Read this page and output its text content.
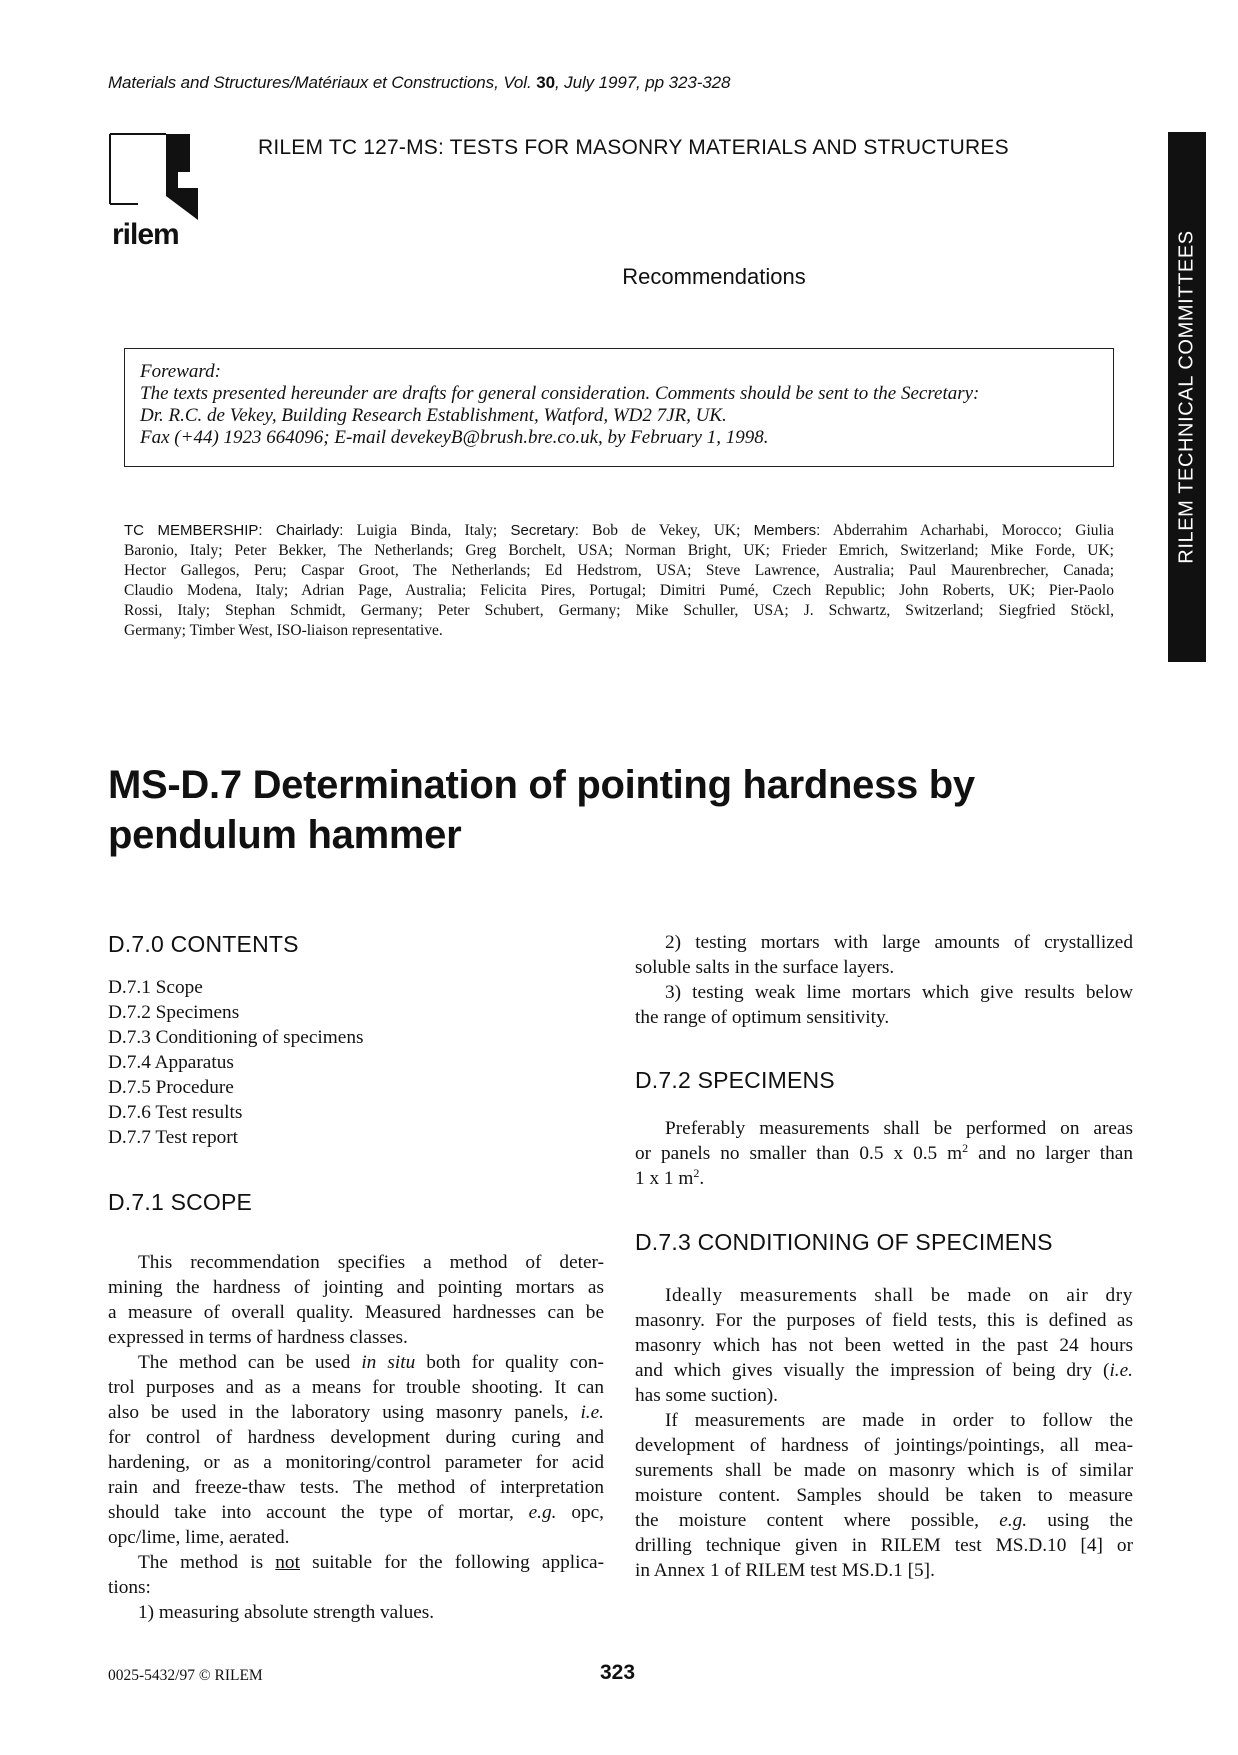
Materials and Structures/Matériaux et Constructions, Vol. 30, July 1997, pp 323-328
rilem
RILEM TC 127-MS: TESTS FOR MASONRY MATERIALS AND STRUCTURES
Recommendations
Foreward:
The texts presented hereunder are drafts for general consideration. Comments should be sent to the Secretary:
Dr. R.C. de Vekey, Building Research Establishment, Watford, WD2 7JR, UK.
Fax (+44) 1923 664096; E-mail devekeyB@brush.bre.co.uk, by February 1, 1998.	RILEM TECHNICAL COMMITTEES
TC MEMBERSHIP: Chairlady: Luigia Binda, Italy; Secretary: Bob de Vekey, UK; Members: Abderrahim Acharhabi, Morocco; Giulia
Baronio, Italy; Peter Bekker, The Netherlands; Greg Borchelt, USA; Norman Bright, UK; Frieder Emrich, Switzerland; Mike Forde, UK;
Hector Gallegos, Peru; Caspar Groot, The Netherlands; Ed Hedstrom, USA; Steve Lawrence, Australia; Paul Maurenbrecher, Canada;
Claudio Modena, Italy; Adrian Page, Australia; Felicita Pires, Portugal; Dimitri Pumé, Czech Republic; John Roberts, UK; Pier-Paolo
Rossi, Italy; Stephan Schmidt, Germany; Peter Schubert, Germany; Mike Schuller, USA; J. Schwartz, Switzerland; Siegfried Stöckl,
Germany; Timber West, ISO-liaison representative.
MS-D.7 Determination of pointing hardness by
pendulum hammer
D.7.0 CONTENTS
D.7.1 Scope
D.7.2 Specimens
D.7.3 Conditioning of specimens
D.7.4 Apparatus
D.7.5 Procedure
D.7.6 Test results
D.7.7 Test report
D.7.1 SCOPE
This recommendation specifies a method of deter-
mining the hardness of jointing and pointing mortars as
a measure of overall quality. Measured hardnesses can be
expressed in terms of hardness classes.
The method can be used in situ both for quality con-
trol purposes and as a means for trouble shooting. It can
also be used in the laboratory using masonry panels, i.e.
for control of hardness development during curing and
hardening, or as a monitoring/control parameter for acid
rain and freeze-thaw tests. The method of interpretation
should take into account the type of mortar, e.g. opc,
opc/lime, lime, aerated.
The method is not suitable for the following applica-
tions:
1) measuring absolute strength values.
2) testing mortars with large amounts of crystallized
soluble salts in the surface layers.
3) testing weak lime mortars which give results below
the range of optimum sensitivity.
D.7.2 SPECIMENS
Preferably measurements shall be performed on areas
or panels no smaller than 0.5 x 0.5 $m^2$ and no larger than
1 x 1 $m^2$.
D.7.3 CONDITIONING OF SPECIMENS
Ideally measurements shall be made on air dry
masonry. For the purposes of field tests, this is defined as
masonry which has not been wetted in the past 24 hours
and which gives visually the impression of being dry (i.e.
has some suction).
If measurements are made in order to follow the
development of hardness of jointings/pointings, all mea-
surements shall be made on masonry which is of similar
moisture content. Samples should be taken to measure
the moisture content where possible, e.g. using the
drilling technique given in RILEM test MS.D.10 [4] or
in Annex 1 of RILEM test MS.D.1 [5].
0025-5432/97 © RILEM	323
